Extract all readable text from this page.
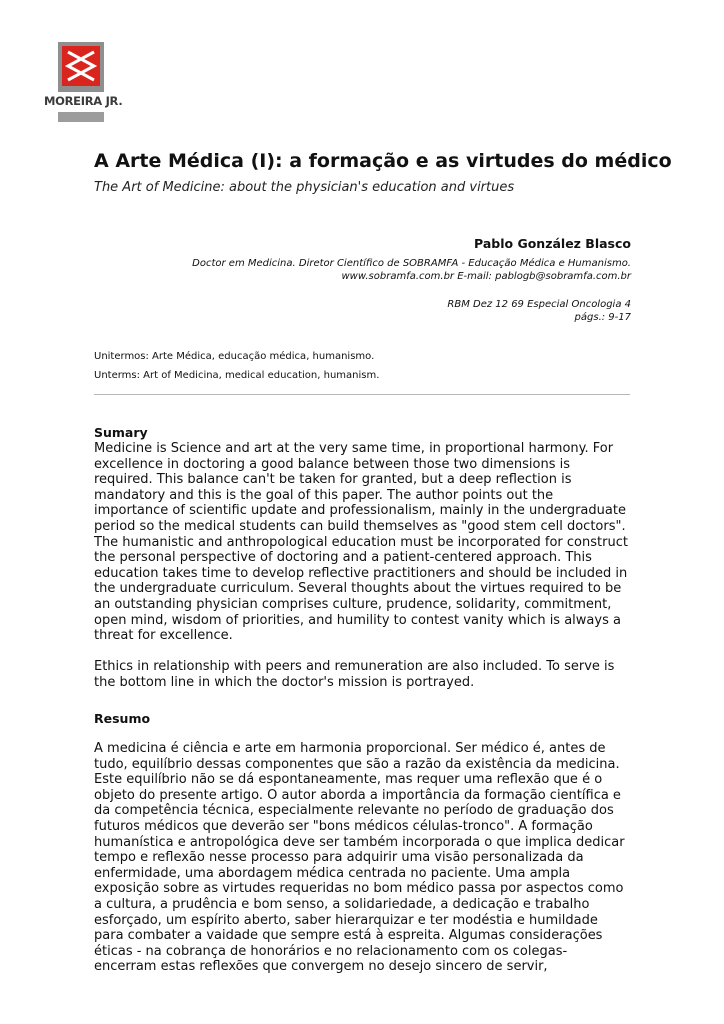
MOREIRA JR.
A Arte Médica (I): a formação e as virtudes do médico
The Art of Medicine: about the physician's education and virtues
Pablo González Blasco
Doctor em Medicina. Diretor Científico de SOBRAMFA - Educação Médica e Humanismo.
www.sobramfa.com.br E-mail: pablogb@sobramfa.com.br
RBM Dez 12 69 Especial Oncologia 4
págs.: 9-17
Unitermos: Arte Médica, educação médica, humanismo.
Unterms: Art of Medicina, medical education, humanism.
Sumary

Medicine is Science and art at the very same time, in proportional harmony. For
excellence in doctoring a good balance between those two dimensions is
required. This balance can't be taken for granted, but a deep reflection is
mandatory and this is the goal of this paper. The author points out the
importance of scientific update and professionalism, mainly in the undergraduate
period so the medical students can build themselves as "good stem cell doctors".
The humanistic and anthropological education must be incorporated for construct
the personal perspective of doctoring and a patient-centered approach. This
education takes time to develop reflective practitioners and should be included in
the undergraduate curriculum. Several thoughts about the virtues required to be
an outstanding physician comprises culture, prudence, solidarity, commitment,
open mind, wisdom of priorities, and humility to contest vanity which is always a
threat for excellence.

Ethics in relationship with peers and remuneration are also included. To serve is
the bottom line in which the doctor's mission is portrayed.

Resumo

A medicina é ciência e arte em harmonia proporcional. Ser médico é, antes de
tudo, equilíbrio dessas componentes que são a razão da existência da medicina.
Este equilíbrio não se dá espontaneamente, mas requer uma reflexão que é o
objeto do presente artigo. O autor aborda a importância da formação científica e
da competência técnica, especialmente relevante no período de graduação dos
futuros médicos que deverão ser "bons médicos células-tronco". A formação
humanística e antropológica deve ser também incorporada o que implica dedicar
tempo e reflexão nesse processo para adquirir uma visão personalizada da
enfermidade, uma abordagem médica centrada no paciente. Uma ampla
exposição sobre as virtudes requeridas no bom médico passa por aspectos como
a cultura, a prudência e bom senso, a solidariedade, a dedicação e trabalho
esforçado, um espírito aberto, saber hierarquizar e ter modéstia e humildade
para combater a vaidade que sempre está à espreita. Algumas considerações
éticas - na cobrança de honorários e no relacionamento com os colegas-
encerram estas reflexões que convergem no desejo sincero de servir,
